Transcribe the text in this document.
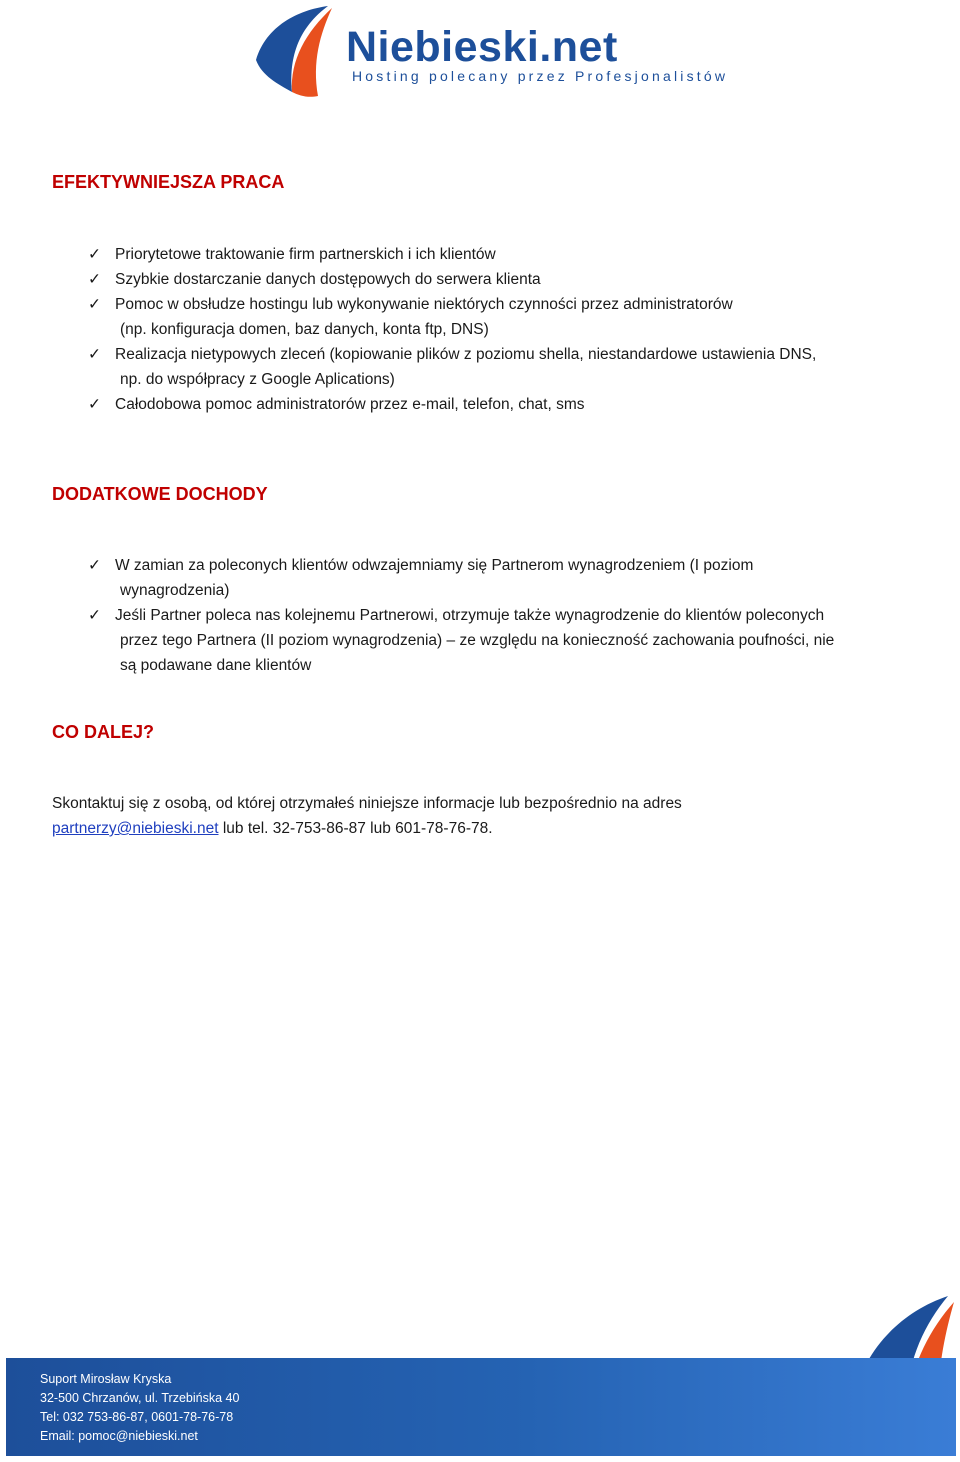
Niebieski.net
Hosting polecany przez Profesjonalistów
EFEKTYWNIEJSZA PRACA
✓ Priorytetowe traktowanie firm partnerskich i ich klientów
✓ Szybkie dostarczanie danych dostępowych do serwera klienta
✓ Pomoc w obsłudze hostingu lub wykonywanie niektórych czynności przez administratorów
(np. konfiguracja domen, baz danych, konta ftp, DNS)
✓ Realizacja nietypowych zleceń (kopiowanie plików z poziomu shella, niestandardowe ustawienia DNS,
np. do współpracy z Google Aplications)
✓ Całodobowa pomoc administratorów przez e-mail, telefon, chat, sms
DODATKOWE DOCHODY
✓ W zamian za poleconych klientów odwzajemniamy się Partnerom wynagrodzeniem (I poziom
wynagrodzenia)
✓ Jeśli Partner poleca nas kolejnemu Partnerowi, otrzymuje także wynagrodzenie do klientów poleconych
przez tego Partnera (II poziom wynagrodzenia) – ze względu na konieczność zachowania poufności, nie
są podawane dane klientów
CO DALEJ?
Skontaktuj się z osobą, od której otrzymałeś niniejsze informacje lub bezpośrednio na adres
partnerzy@niebieski.net lub tel. 32-753-86-87 lub 601-78-76-78.
Suport Mirosław Kryska
32-500 Chrzanów, ul. Trzebińska 40
Tel: 032 753-86-87, 0601-78-76-78
Email: pomoc@niebieski.net
